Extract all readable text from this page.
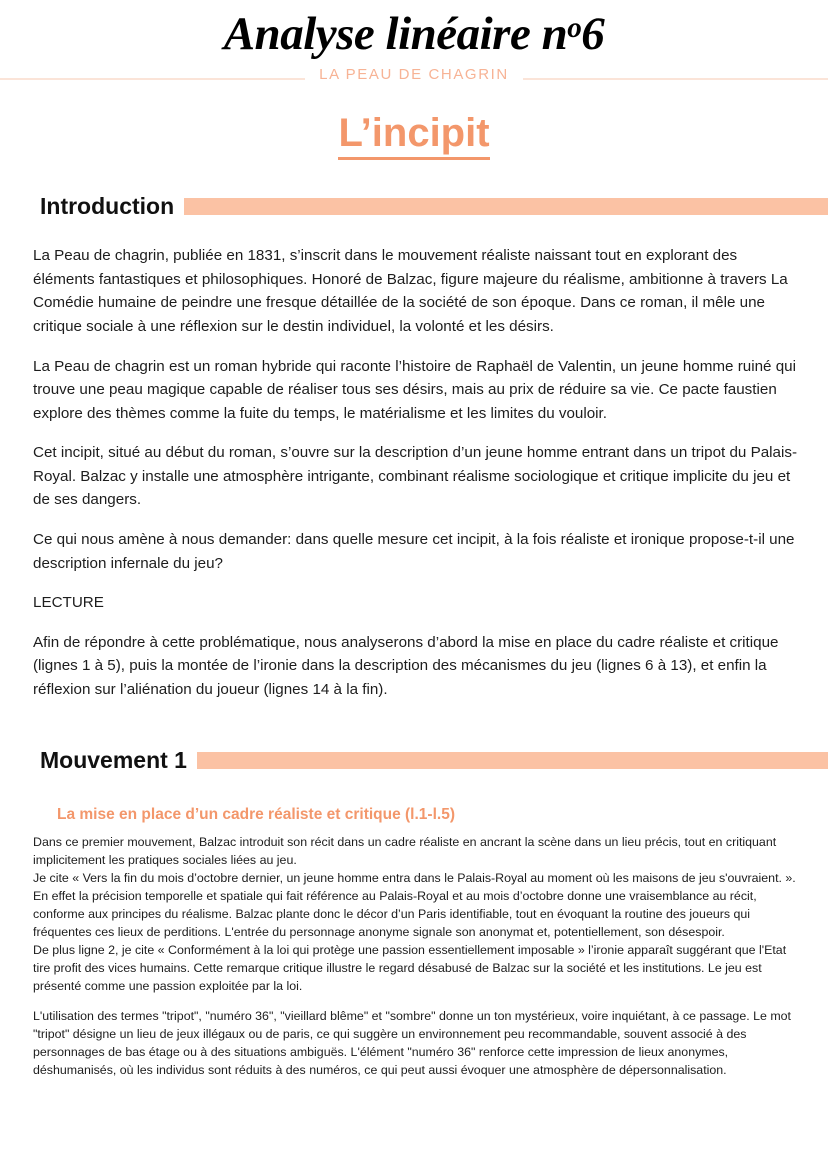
Analyse linéaire $n^o6$
LA PEAU DE CHAGRIN
L’incipit
Introduction

La Peau de chagrin, publiée en 1831, s’inscrit dans le mouvement réaliste naissant tout en explorant des éléments fantastiques et philosophiques. Honoré de Balzac, figure majeure du réalisme, ambitionne à travers La Comédie humaine de peindre une fresque détaillée de la société de son époque. Dans ce roman, il mêle une critique sociale à une réflexion sur le destin individuel, la volonté et les désirs.

La Peau de chagrin est un roman hybride qui raconte l’histoire de Raphaël de Valentin, un jeune homme ruiné qui trouve une peau magique capable de réaliser tous ses désirs, mais au prix de réduire sa vie. Ce pacte faustien explore des thèmes comme la fuite du temps, le matérialisme et les limites du vouloir.

Cet incipit, situé au début du roman, s’ouvre sur la description d’un jeune homme entrant dans un tripot du Palais-Royal. Balzac y installe une atmosphère intrigante, combinant réalisme sociologique et critique implicite du jeu et de ses dangers.

Ce qui nous amène à nous demander: dans quelle mesure cet incipit, à la fois réaliste et ironique propose-t-il une description infernale du jeu?

LECTURE

Afin de répondre à cette problématique, nous analyserons d’abord la mise en place du cadre réaliste et critique (lignes 1 à 5), puis la montée de l’ironie dans la description des mécanismes du jeu (lignes 6 à 13), et enfin la réflexion sur l’aliénation du joueur (lignes 14 à la fin).

Mouvement 1
La mise en place d’un cadre réaliste et critique (l.1-l.5)

Dans ce premier mouvement, Balzac introduit son récit dans un cadre réaliste en ancrant la scène dans un lieu précis, tout en critiquant implicitement les pratiques sociales liées au jeu.

Je cite « Vers la fin du mois d’octobre dernier, un jeune homme entra dans le Palais-Royal au moment où les maisons de jeu s'ouvraient. ». En effet la précision temporelle et spatiale qui fait référence au Palais-Royal et au mois d’octobre donne une vraisemblance au récit, conforme aux principes du réalisme. Balzac plante donc le décor d’un Paris identifiable, tout en évoquant la routine des joueurs qui fréquentes ces lieux de perditions. L'entrée du personnage anonyme signale son anonymat et, potentiellement, son désespoir.

De plus ligne 2, je cite « Conformément à la loi qui protège une passion essentiellement imposable » l’ironie apparaît suggérant que l'Etat tire profit des vices humains. Cette remarque critique illustre le regard désabusé de Balzac sur la société et les institutions. Le jeu est présenté comme une passion exploitée par la loi.

L'utilisation des termes "tripot", "numéro 36", "vieillard blême" et "sombre" donne un ton mystérieux, voire inquiétant, à ce passage. Le mot "tripot" désigne un lieu de jeux illégaux ou de paris, ce qui suggère un environnement peu recommandable, souvent associé à des personnages de bas étage ou à des situations ambiguës. L'élément "numéro 36" renforce cette impression de lieux anonymes, déshumanisés, où les individus sont réduits à des numéros, ce qui peut aussi évoquer une atmosphère de dépersonnalisation.
